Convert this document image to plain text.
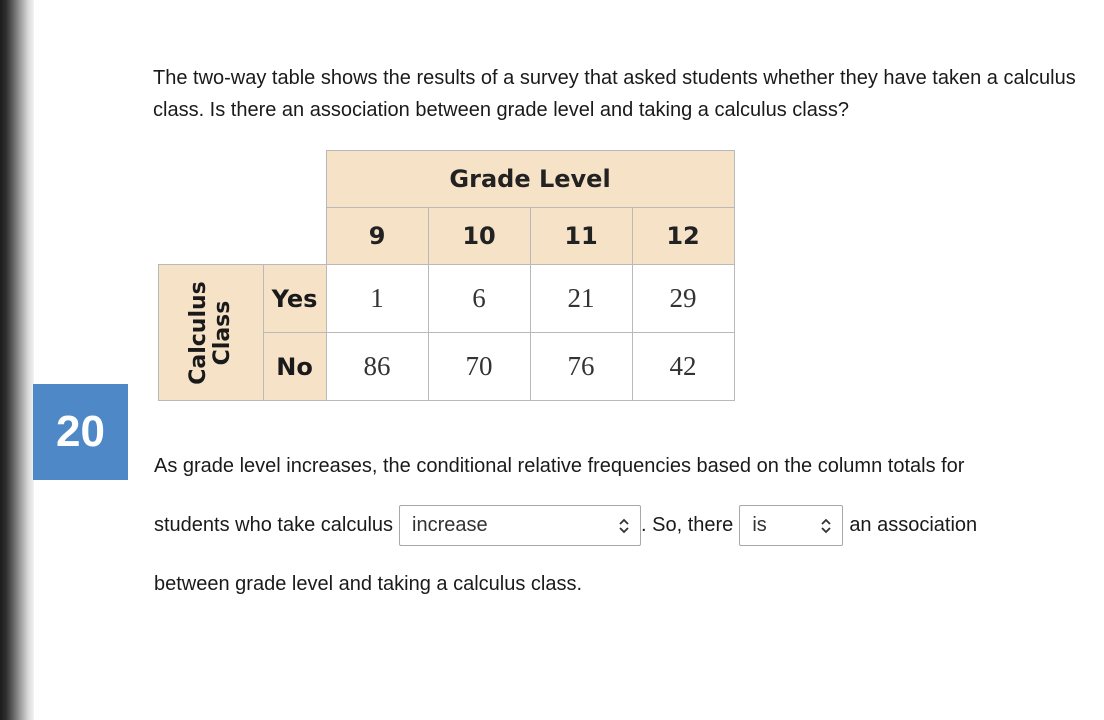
The two-way table shows the results of a survey that asked students whether they have taken a calculus class. Is there an association between grade level and taking a calculus class?

		Grade Level			
		9	10	11	12
Calculus
Class	Yes	1	6	21	29
	No	86	70	76	42
20
As grade level increases, the conditional relative frequencies based on the column totals for
students who take calculus increase	. So, there is	an association
between grade level and taking a calculus class.
